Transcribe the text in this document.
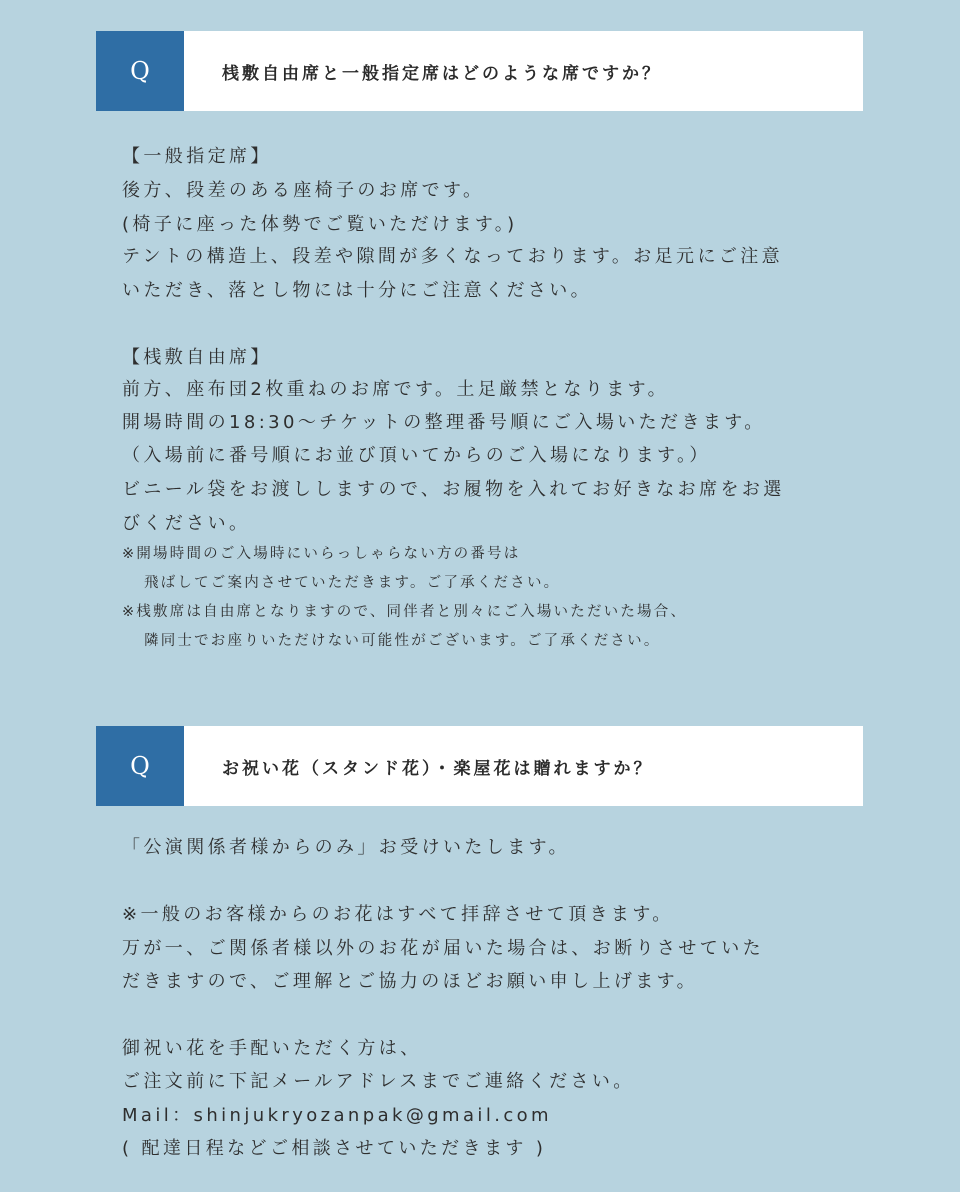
Q	桟敷自由席と一般指定席はどのような席ですか？
【一般指定席】
後方、段差のある座椅子のお席です。
(椅子に座った体勢でご覧いただけます。)
テントの構造上、段差や隙間が多くなっております。お足元にご注意
いただき、落とし物には十分にご注意ください。
【桟敷自由席】
前方、座布団2枚重ねのお席です。土足厳禁となります。
開場時間の18:30～チケットの整理番号順にご入場いただきます。
（入場前に番号順にお並び頂いてからのご入場になります。）
ビニール袋をお渡ししますので、お履物を入れてお好きなお席をお選
びください。
※開場時間のご入場時にいらっしゃらない方の番号は
飛ばしてご案内させていただきます。ご了承ください。
※桟敷席は自由席となりますので、同伴者と別々にご入場いただいた場合、
隣同士でお座りいただけない可能性がございます。ご了承ください。
Q	お祝い花（スタンド花）・楽屋花は贈れますか？
「公演関係者様からのみ」お受けいたします。
※一般のお客様からのお花はすべて拝辞させて頂きます。
万が一、ご関係者様以外のお花が届いた場合は、お断りさせていた
だきますので、ご理解とご協力のほどお願い申し上げます。
御祝い花を手配いただく方は、
ご注文前に下記メールアドレスまでご連絡ください。
Mail：shinjukryozanpak@gmail.com
( 配達日程などご相談させていただきます )
